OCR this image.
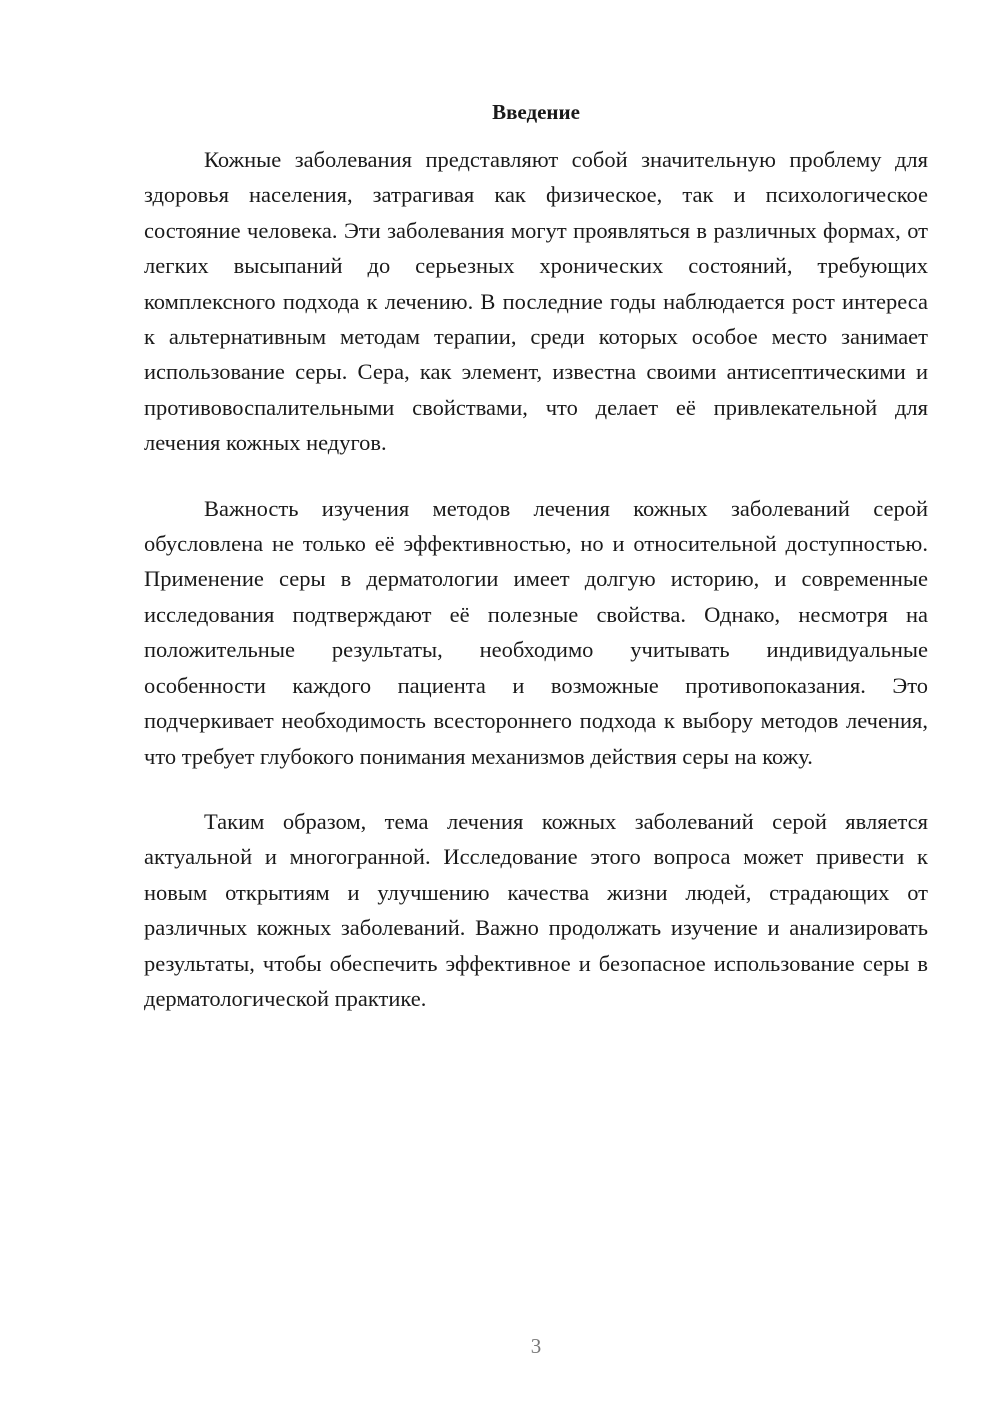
Введение

Кожные заболевания представляют собой значительную проблему для здоровья населения, затрагивая как физическое, так и психологическое состояние человека. Эти заболевания могут проявляться в различных формах, от легких высыпаний до серьезных хронических состояний, требующих комплексного подхода к лечению. В последние годы наблюдается рост интереса к альтернативным методам терапии, среди которых особое место занимает использование серы. Сера, как элемент, известна своими антисептическими и противовоспалительными свойствами, что делает её привлекательной для лечения кожных недугов.

Важность изучения методов лечения кожных заболеваний серой обусловлена не только её эффективностью, но и относительной доступностью. Применение серы в дерматологии имеет долгую историю, и современные исследования подтверждают её полезные свойства. Однако, несмотря на положительные результаты, необходимо учитывать индивидуальные особенности каждого пациента и возможные противопоказания. Это подчеркивает необходимость всестороннего подхода к выбору методов лечения, что требует глубокого понимания механизмов действия серы на кожу.

Таким образом, тема лечения кожных заболеваний серой является актуальной и многогранной. Исследование этого вопроса может привести к новым открытиям и улучшению качества жизни людей, страдающих от различных кожных заболеваний. Важно продолжать изучение и анализировать результаты, чтобы обеспечить эффективное и безопасное использование серы в дерматологической практике.

3
